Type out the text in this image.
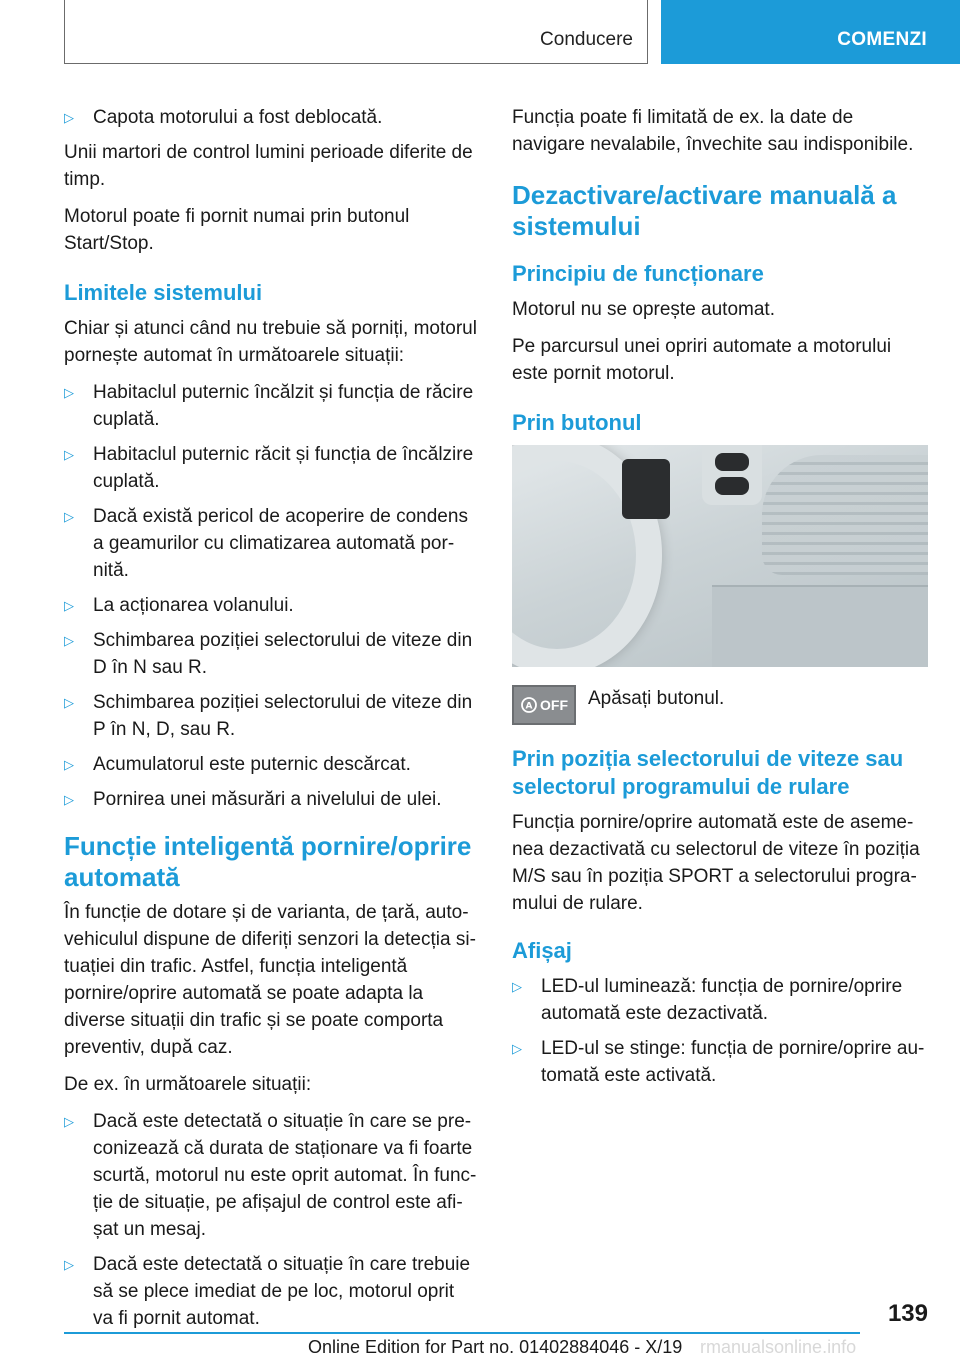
Conducere	COMENZI
▷ Capota motorului a fost deblocată.

Unii martori de control lumini perioade diferite de timp.

Motorul poate fi pornit numai prin butonul Start/Stop.

Limitele sistemului

Chiar și atunci când nu trebuie să porniți, motorul pornește automat în următoarele situații:

▷ Habitaclul puternic încălzit și funcția de răcire cuplată.
▷ Habitaclul puternic răcit și funcția de încălzire cuplată.
▷ Dacă există pericol de acoperire de condens a geamurilor cu climatizarea automată pornită.
▷ La acționarea volanului.
▷ Schimbarea poziției selectorului de viteze din D în N sau R.
▷ Schimbarea poziției selectorului de viteze din P în N, D, sau R.
▷ Acumulatorul este puternic descărcat.
▷ Pornirea unei măsurări a nivelului de ulei.
Funcție inteligentă pornire/oprire automată

În funcție de dotare și de varianta, de țară, autovehiculul dispune de diferiți senzori la detecția situației din trafic. Astfel, funcția inteligentă pornire/oprire automată se poate adapta la diverse situații din trafic și se poate comporta preventiv, după caz.

De ex. în următoarele situații:

▷ Dacă este detectată o situație în care se preconizează că durata de staționare va fi foarte scurtă, motorul nu este oprit automat. În funcție de situație, pe afișajul de control este afișat un mesaj.
▷ Dacă este detectată o situație în care trebuie să se plece imediat de pe loc, motorul oprit va fi pornit automat.

Funcția poate fi limitată de ex. la date de navigare nevalabile, învechite sau indisponibile.

Dezactivare/activare manuală a sistemului
Principiu de funcționare

Motorul nu se oprește automat.

Pe parcursul unei opriri automate a motorului este pornit motorul.

Prin butonul
A OFF Apăsați butonul.
Prin poziția selectorului de viteze sau selectorul programului de rulare

Funcția pornire/oprire automată este de asemenea dezactivată cu selectorul de viteze în poziția M/S sau în poziția SPORT a selectorului programului de rulare.

Afișaj
▷ LED-ul luminează: funcția de pornire/oprire automată este dezactivată.
▷ LED-ul se stinge: funcția de pornire/oprire automată este activată.
139
Online Edition for Part no. 01402884046 - X/19 rmanualsonline.info
